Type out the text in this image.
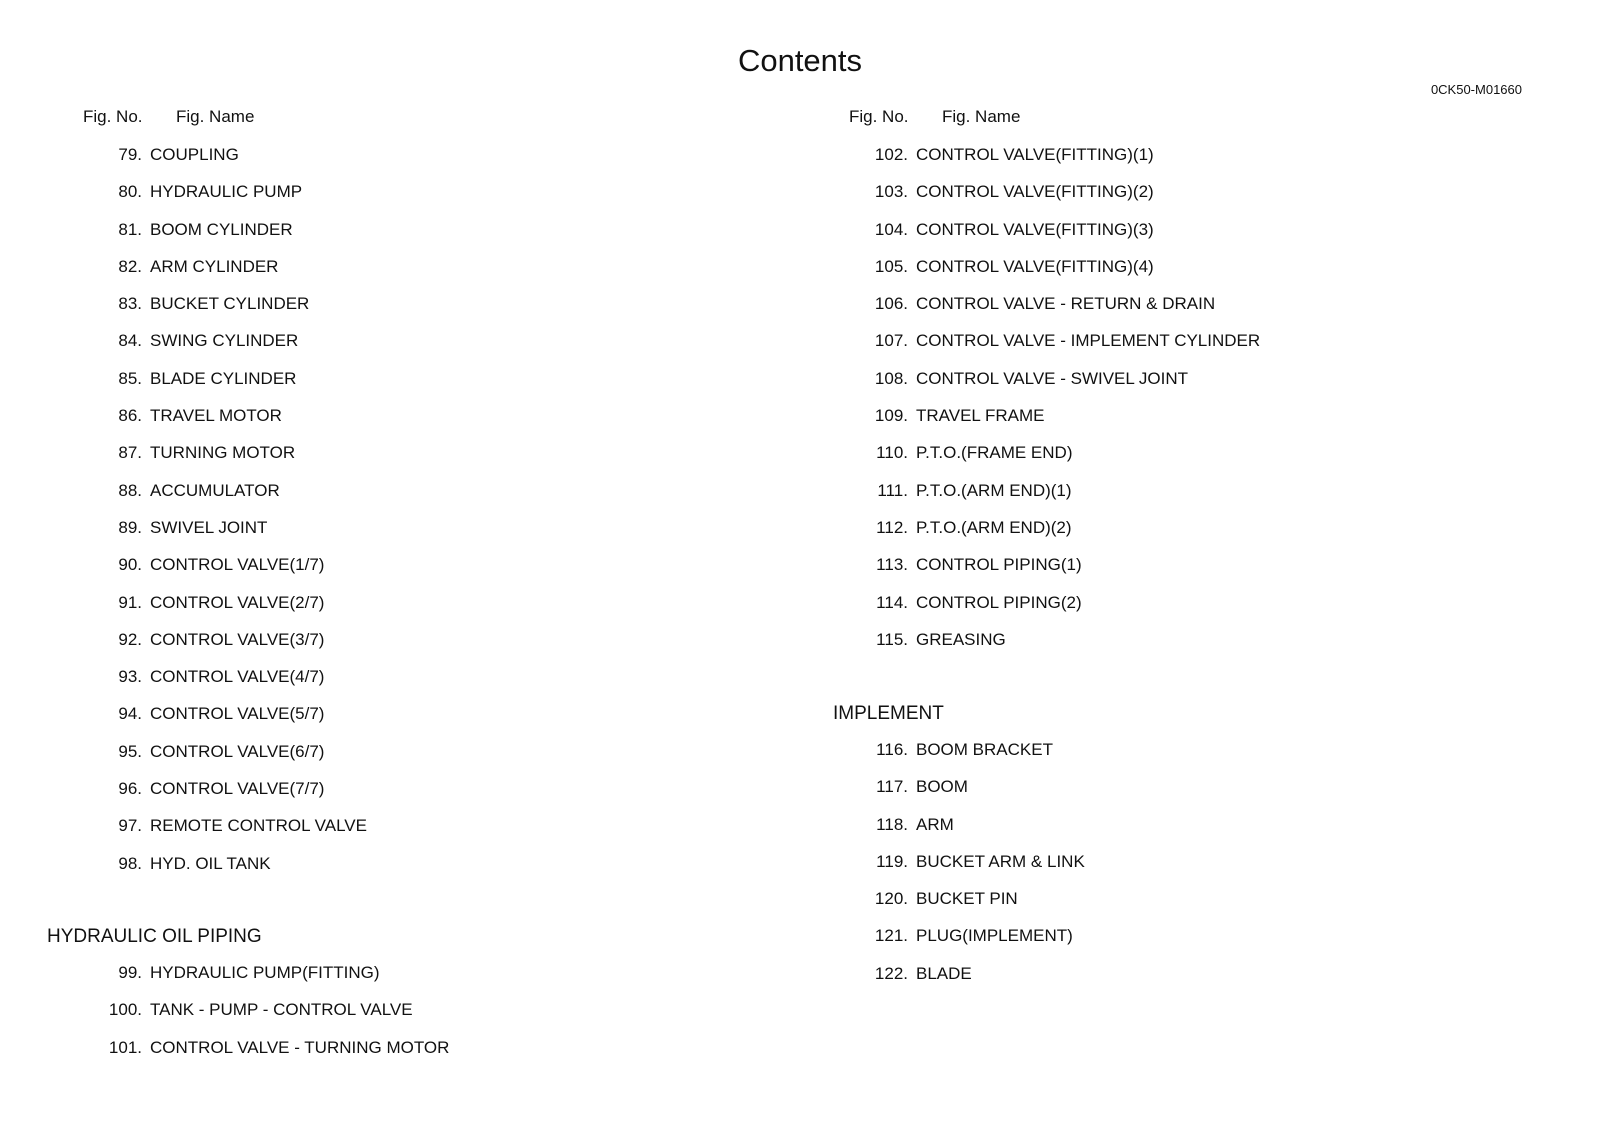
Contents
0CK50-M01660
Fig. No. Fig. Name
79. COUPLING
80. HYDRAULIC PUMP
81. BOOM CYLINDER
82. ARM CYLINDER
83. BUCKET CYLINDER
84. SWING CYLINDER
85. BLADE CYLINDER
86. TRAVEL MOTOR
87. TURNING MOTOR
88. ACCUMULATOR
89. SWIVEL JOINT
90. CONTROL VALVE(1/7)
91. CONTROL VALVE(2/7)
92. CONTROL VALVE(3/7)
93. CONTROL VALVE(4/7)
94. CONTROL VALVE(5/7)
95. CONTROL VALVE(6/7)
96. CONTROL VALVE(7/7)
97. REMOTE CONTROL VALVE
98. HYD. OIL TANK
HYDRAULIC OIL PIPING
99. HYDRAULIC PUMP(FITTING)
100. TANK - PUMP - CONTROL VALVE
101. CONTROL VALVE - TURNING MOTOR
Fig. No. Fig. Name
102. CONTROL VALVE(FITTING)(1)
103. CONTROL VALVE(FITTING)(2)
104. CONTROL VALVE(FITTING)(3)
105. CONTROL VALVE(FITTING)(4)
106. CONTROL VALVE - RETURN & DRAIN
107. CONTROL VALVE - IMPLEMENT CYLINDER
108. CONTROL VALVE - SWIVEL JOINT
109. TRAVEL FRAME
110. P.T.O.(FRAME END)
111. P.T.O.(ARM END)(1)
112. P.T.O.(ARM END)(2)
113. CONTROL PIPING(1)
114. CONTROL PIPING(2)
115. GREASING
IMPLEMENT
116. BOOM BRACKET
117. BOOM
118. ARM
119. BUCKET ARM & LINK
120. BUCKET PIN
121. PLUG(IMPLEMENT)
122. BLADE
